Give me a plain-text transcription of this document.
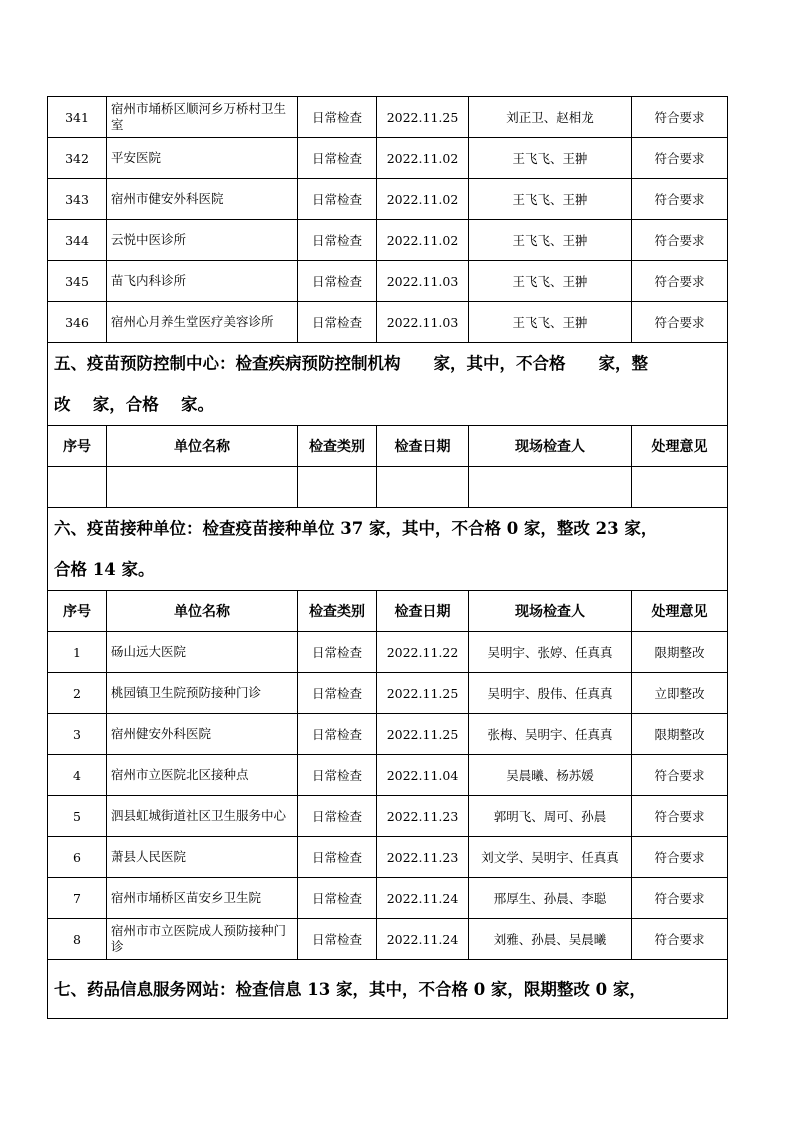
341	宿州市埇桥区顺河乡万桥村卫生室	日常检查	2022.11.25	刘正卫、赵相龙	符合要求
342	平安医院	日常检查	2022.11.02	王飞飞、王翀	符合要求
343	宿州市健安外科医院	日常检查	2022.11.02	王飞飞、王翀	符合要求
344	云悦中医诊所	日常检查	2022.11.02	王飞飞、王翀	符合要求
345	苗飞内科诊所	日常检查	2022.11.03	王飞飞、王翀	符合要求
346	宿州心月养生堂医疗美容诊所	日常检查	2022.11.03	王飞飞、王翀	符合要求

五、疫苗预防控制中心：检查疾病预防控制机构　　家，其中，不合格　　家，整
改　 家，合格　 家。					

序号	单位名称	检查类别	检查日期	现场检查人	处理意见

六、疫苗接种单位：检查疫苗接种单位 37 家，其中，不合格 0 家，整改 23 家，
合格 14 家。					

序号	单位名称	检查类别	检查日期	现场检查人	处理意见
1	砀山远大医院	日常检查	2022.11.22	吴明宇、张婷、任真真	限期整改
2	桃园镇卫生院预防接种门诊	日常检查	2022.11.25	吴明宇、殷伟、任真真	立即整改
3	宿州健安外科医院	日常检查	2022.11.25	张梅、吴明宇、任真真	限期整改
4	宿州市立医院北区接种点	日常检查	2022.11.04	吴晨曦、杨苏媛	符合要求
5	泗县虹城街道社区卫生服务中心	日常检查	2022.11.23	郭明飞、周可、孙晨	符合要求
6	萧县人民医院	日常检查	2022.11.23	刘文学、吴明宇、任真真	符合要求
7	宿州市埇桥区苗安乡卫生院	日常检查	2022.11.24	邢厚生、孙晨、李聪	符合要求
8	宿州市市立医院成人预防接种门诊	日常检查	2022.11.24	刘雅、孙晨、吴晨曦	符合要求

七、药品信息服务网站：检查信息 13 家，其中，不合格 0 家，限期整改 0 家，					
